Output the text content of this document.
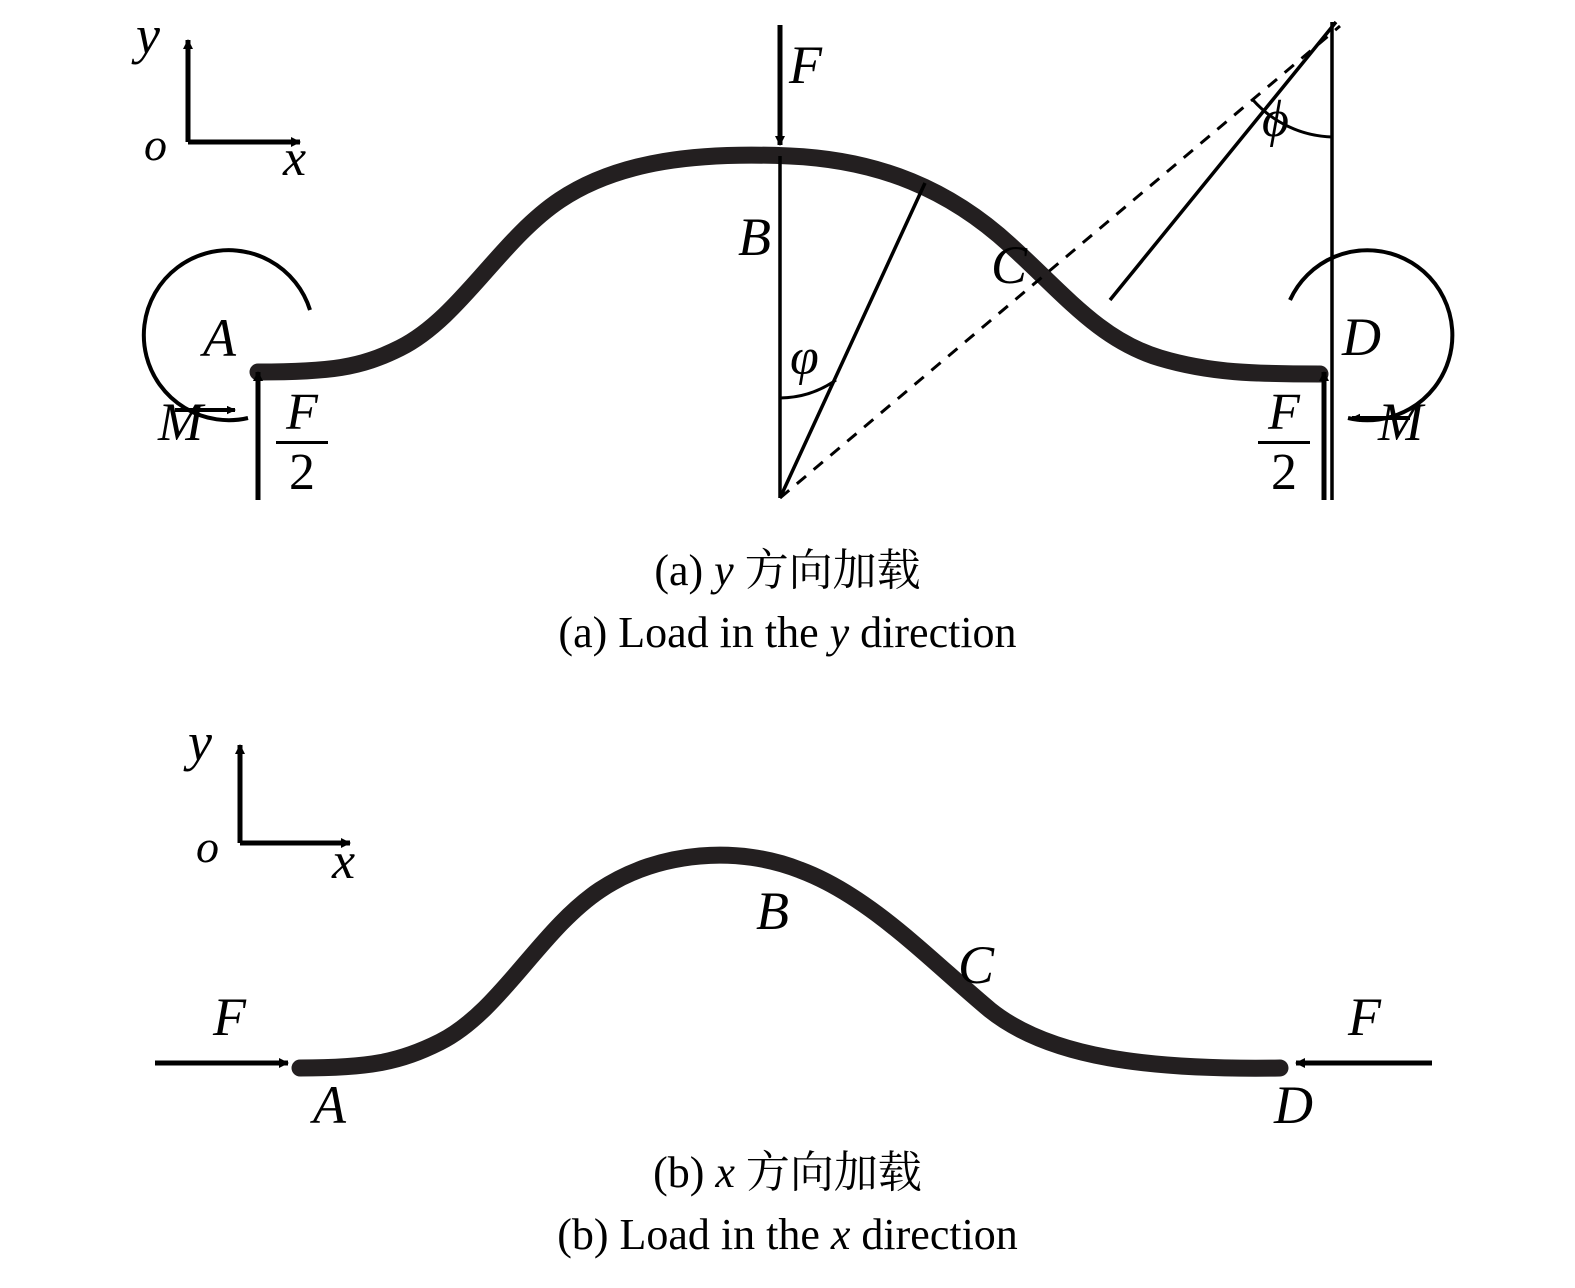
y
o x
F
A
B	C
D
φ
ϕ
M	M
F
2
F
2
(a) y 方向加载
(a) Load in the y direction
y
o x
F	F
A
B
C
D
(b) x 方向加载
(b) Load in the x direction
